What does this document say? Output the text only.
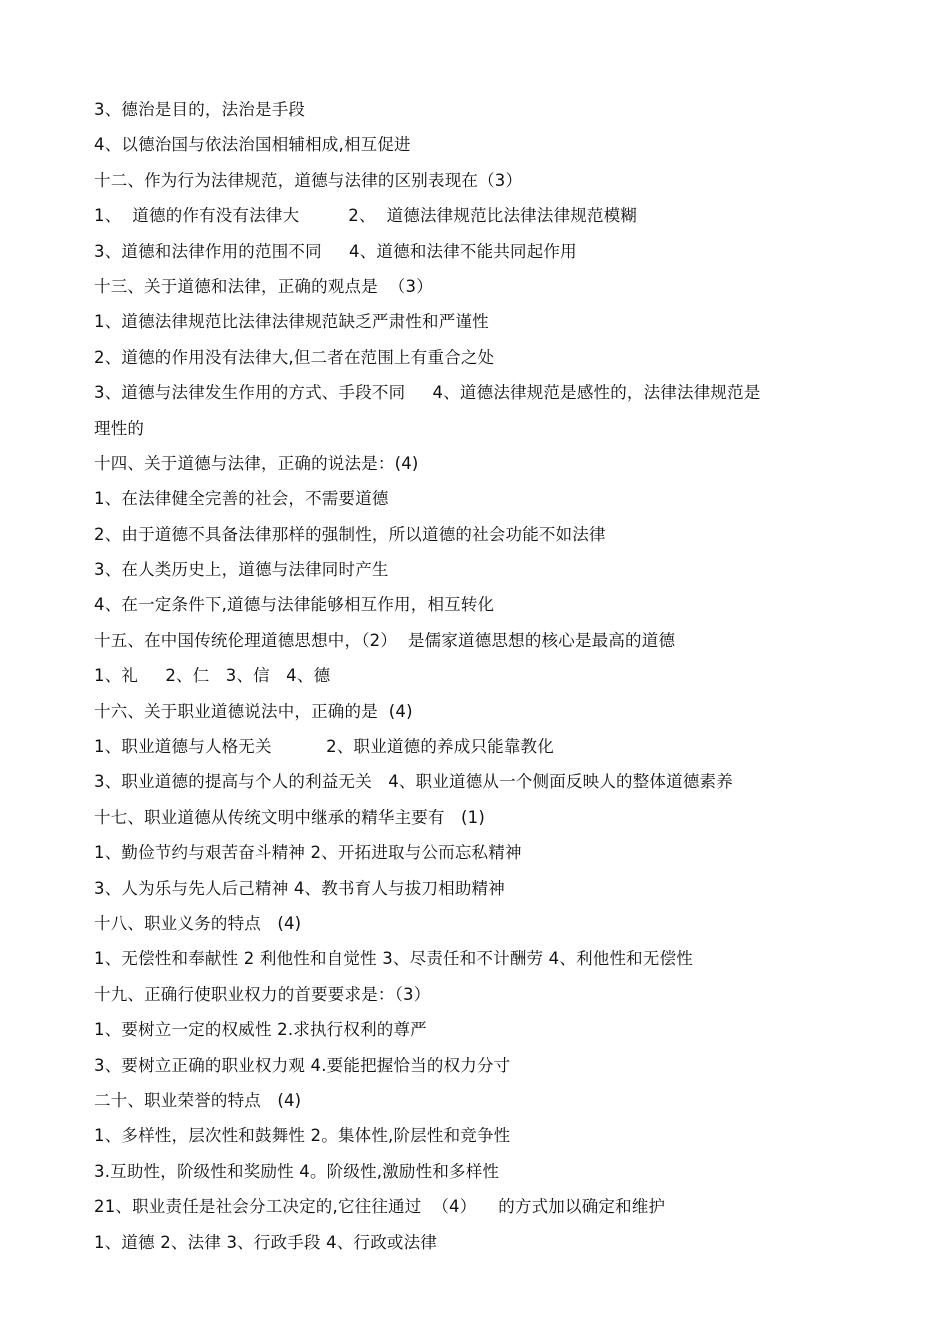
3、德治是目的，法治是手段
4、以德治国与依法治国相辅相成,相互促进
十二、作为行为法律规范，道德与法律的区别表现在（3）
1、  道德的作有没有法律大         2、  道德法律规范比法律法律规范模糊
3、道德和法律作用的范围不同     4、道德和法律不能共同起作用
十三、关于道德和法律，正确的观点是  （3）
1、道德法律规范比法律法律规范缺乏严肃性和严谨性
2、道德的作用没有法律大,但二者在范围上有重合之处
3、道德与法律发生作用的方式、手段不同     4、道德法律规范是感性的，法律法律规范是
理性的
十四、关于道德与法律，正确的说法是：(4)
1、在法律健全完善的社会，不需要道德
2、由于道德不具备法律那样的强制性，所以道德的社会功能不如法律
3、在人类历史上，道德与法律同时产生
4、在一定条件下,道德与法律能够相互作用，相互转化
十五、在中国传统伦理道德思想中，（2）  是儒家道德思想的核心是最高的道德
1、礼     2、仁   3、信   4、德
十六、关于职业道德说法中，正确的是  (4)
1、职业道德与人格无关          2、职业道德的养成只能靠教化
3、职业道德的提高与个人的利益无关   4、职业道德从一个侧面反映人的整体道德素养
十七、职业道德从传统文明中继承的精华主要有   (1)
1、勤俭节约与艰苦奋斗精神 2、开拓进取与公而忘私精神
3、人为乐与先人后己精神 4、教书育人与拔刀相助精神
十八、职业义务的特点   (4)
1、无偿性和奉献性 2 利他性和自觉性 3、尽责任和不计酬劳 4、利他性和无偿性
十九、正确行使职业权力的首要要求是：（3）
1、要树立一定的权威性 2.求执行权利的尊严
3、要树立正确的职业权力观 4.要能把握恰当的权力分寸
二十、职业荣誉的特点   (4)
1、多样性，层次性和鼓舞性 2。集体性,阶层性和竞争性
3.互助性，阶级性和奖励性 4。阶级性,激励性和多样性
21、职业责任是社会分工决定的,它往往通过  （4）    的方式加以确定和维护
1、道德 2、法律 3、行政手段 4、行政或法律
